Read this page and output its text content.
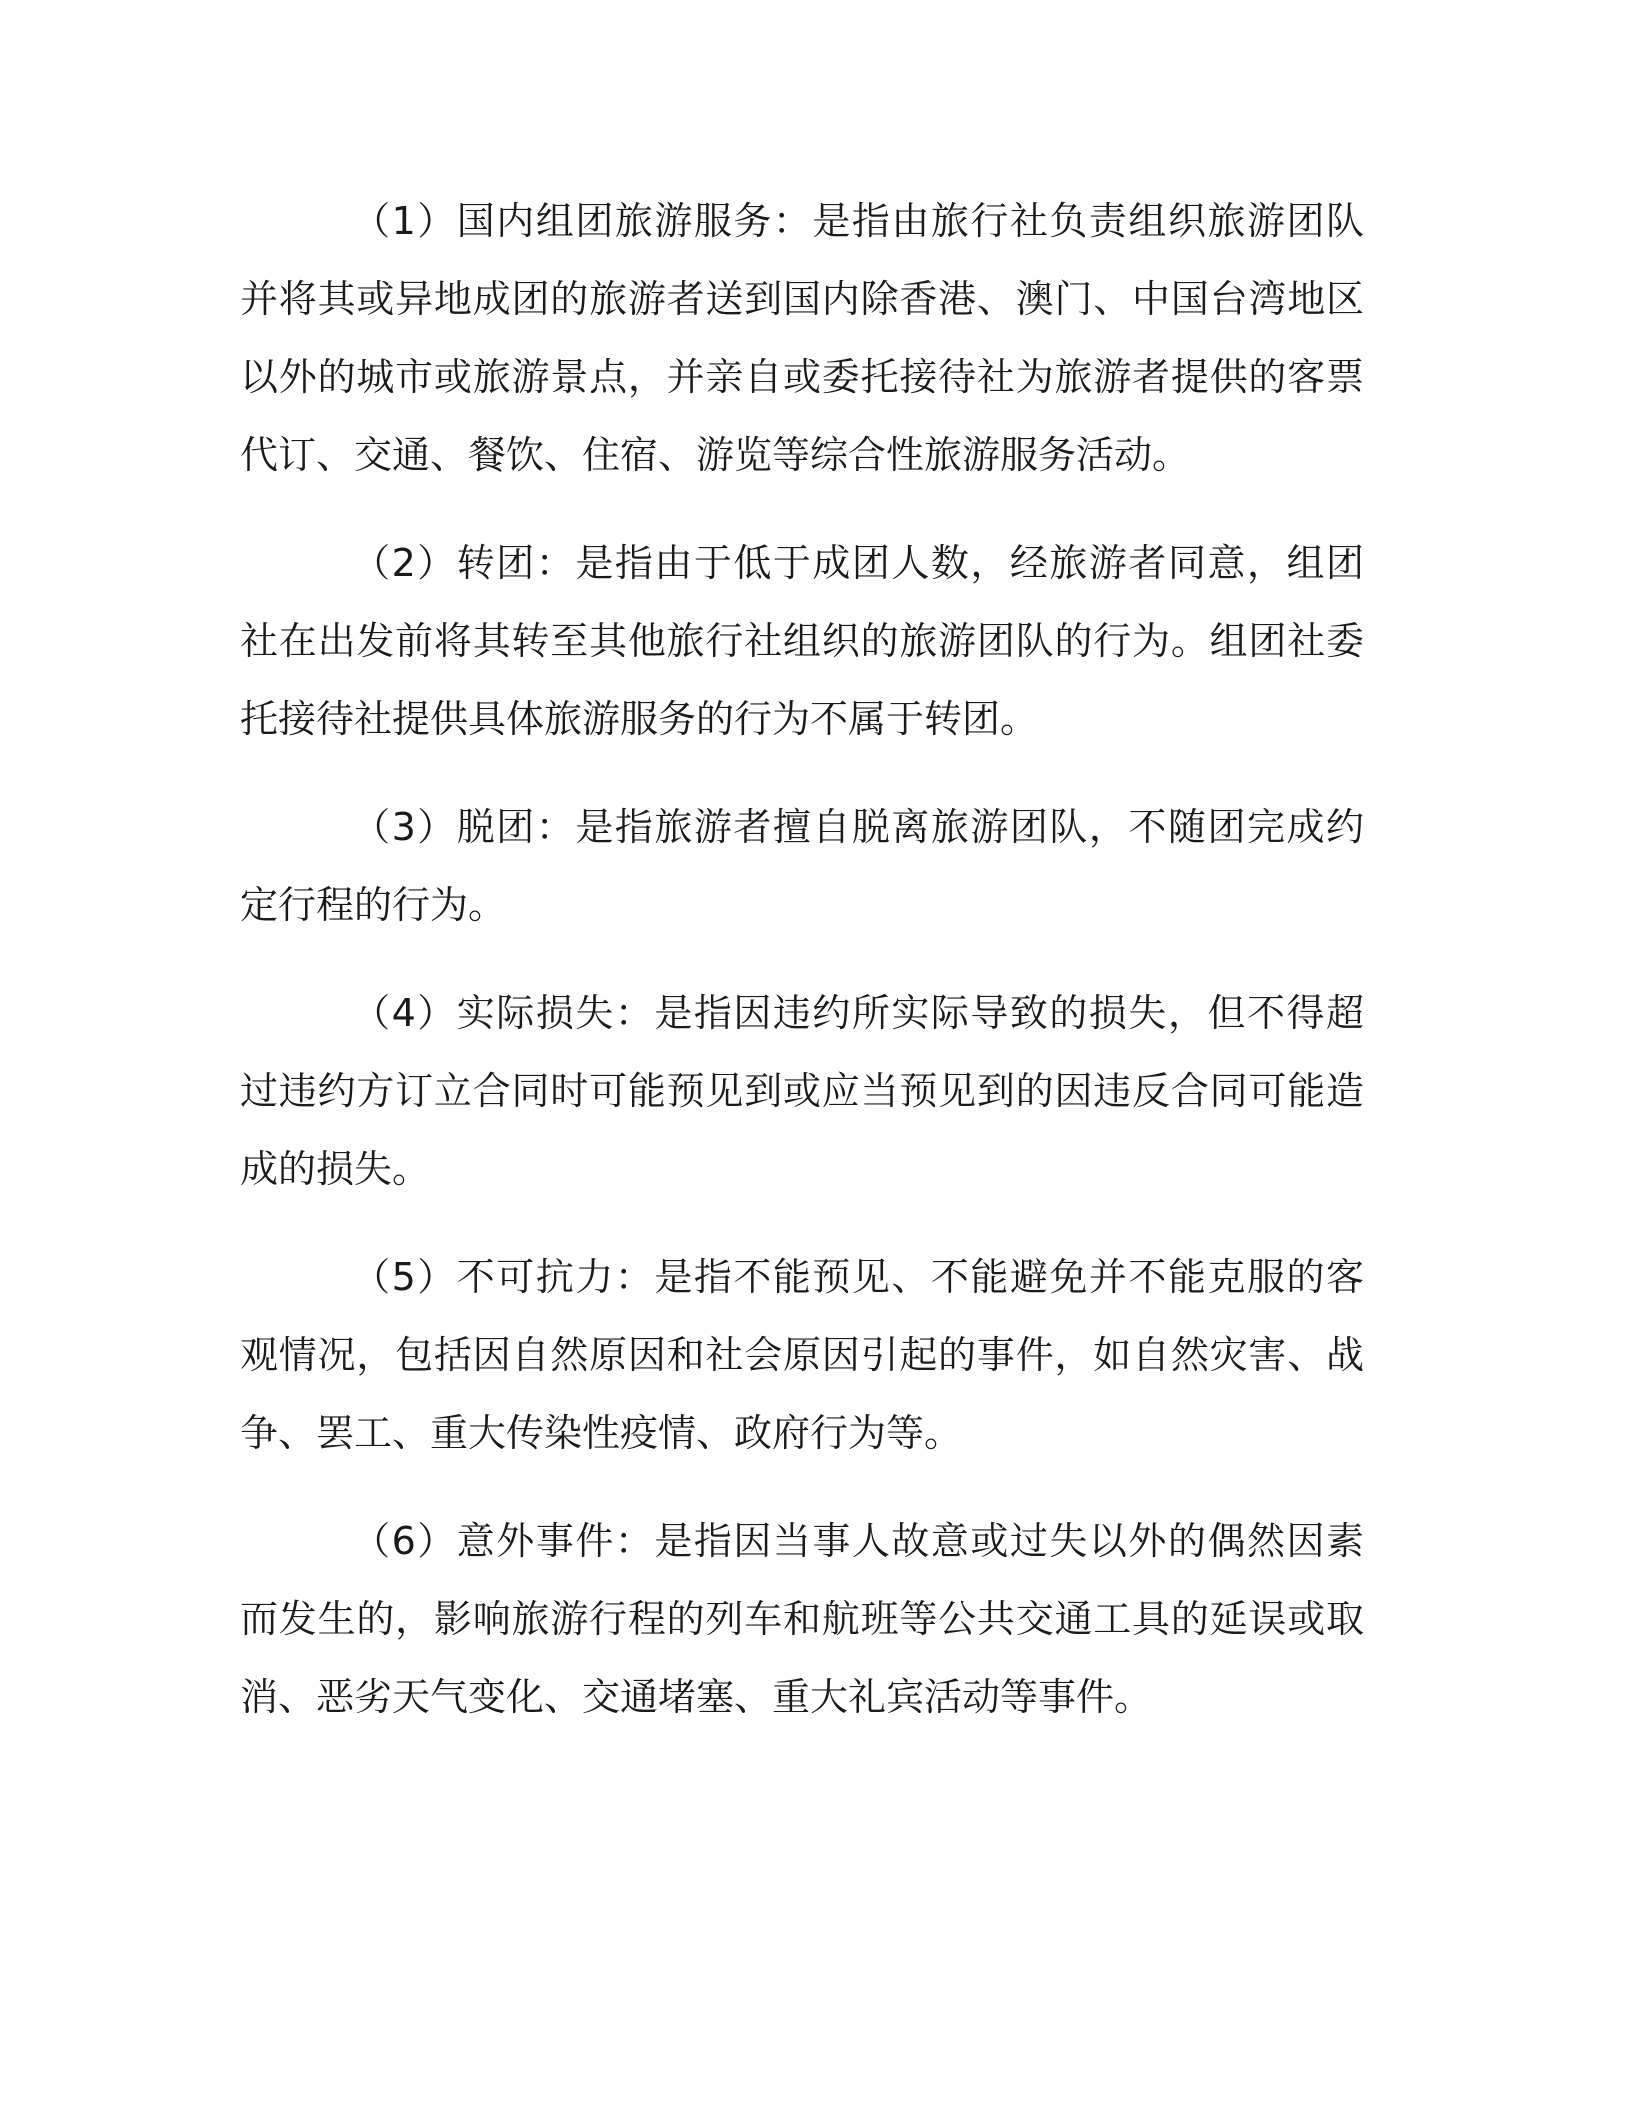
（1）国内组团旅游服务：是指由旅行社负责组织旅游团队并将其或异地成团的旅游者送到国内除香港、澳门、中国台湾地区以外的城市或旅游景点，并亲自或委托接待社为旅游者提供的客票代订、交通、餐饮、住宿、游览等综合性旅游服务活动。

（2）转团：是指由于低于成团人数，经旅游者同意，组团社在出发前将其转至其他旅行社组织的旅游团队的行为。组团社委托接待社提供具体旅游服务的行为不属于转团。

（3）脱团：是指旅游者擅自脱离旅游团队，不随团完成约定行程的行为。

（4）实际损失：是指因违约所实际导致的损失，但不得超过违约方订立合同时可能预见到或应当预见到的因违反合同可能造成的损失。

（5）不可抗力：是指不能预见、不能避免并不能克服的客观情况，包括因自然原因和社会原因引起的事件，如自然灾害、战争、罢工、重大传染性疫情、政府行为等。

（6）意外事件：是指因当事人故意或过失以外的偶然因素而发生的，影响旅游行程的列车和航班等公共交通工具的延误或取消、恶劣天气变化、交通堵塞、重大礼宾活动等事件。
